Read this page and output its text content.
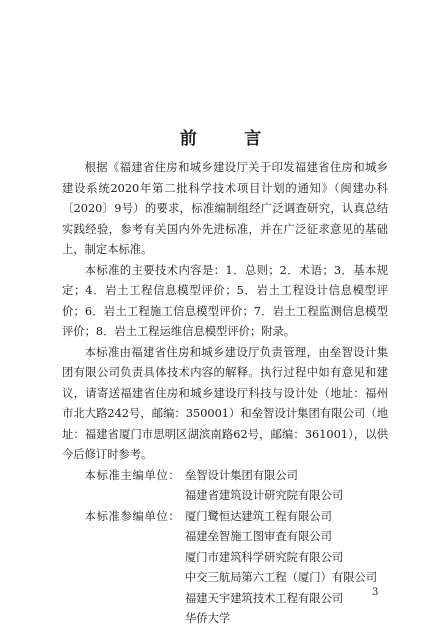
前　言

根据《福建省住房和城乡建设厅关于印发福建省住房和城乡建设系统2020年第二批科学技术项目计划的通知》（闽建办科〔2020〕9号）的要求，标准编制组经广泛调查研究，认真总结实践经验，参考有关国内外先进标准，并在广泛征求意见的基础上，制定本标准。

本标准的主要技术内容是：1．总则；2．术语；3．基本规定；4．岩土工程信息模型评价；5．岩土工程设计信息模型评价；6．岩土工程施工信息模型评价；7．岩土工程监测信息模型评价；8．岩土工程运维信息模型评价；附录。

本标准由福建省住房和城乡建设厅负责管理，由垒智设计集团有限公司负责具体技术内容的解释。执行过程中如有意见和建议，请寄送福建省住房和城乡建设厅科技与设计处（地址：福州市北大路242号，邮编：350001）和垒智设计集团有限公司（地址：福建省厦门市思明区湖滨南路62号，邮编：361001），以供今后修订时参考。

本标准主编单位： 垒智设计集团有限公司
福建省建筑设计研究院有限公司
本标准参编单位： 厦门鹭恒达建筑工程有限公司
福建垒智施工图审查有限公司
厦门市建筑科学研究院有限公司
中交三航局第六工程（厦门）有限公司
福建天宇建筑技术工程有限公司
华侨大学
3
